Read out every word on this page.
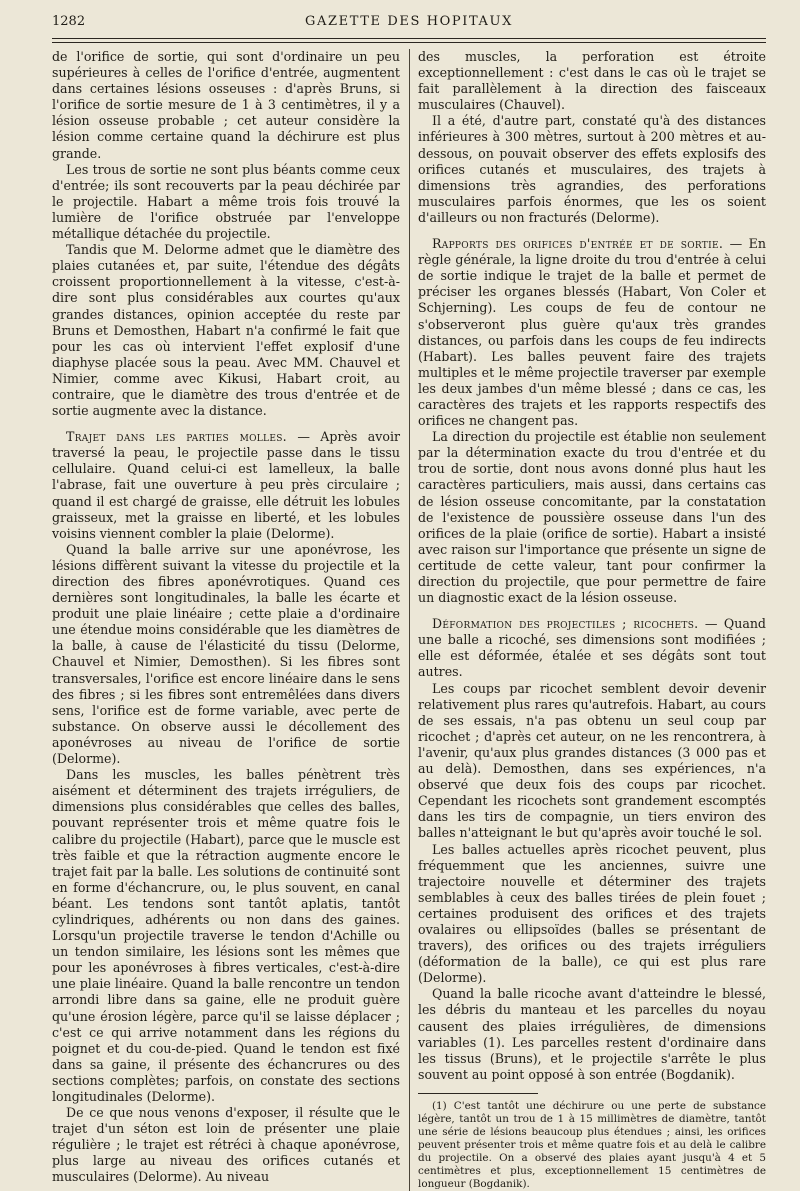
1282	GAZETTE DES HOPITAUX

de l'orifice de sortie, qui sont d'ordinaire un peu supérieures à celles de l'orifice d'entrée, augmentent dans certaines lésions osseuses : d'après Bruns, si l'orifice de sortie mesure de 1 à 3 centimètres, il y a lésion osseuse probable ; cet auteur considère la lésion comme certaine quand la déchirure est plus grande.

Les trous de sortie ne sont plus béants comme ceux d'entrée; ils sont recouverts par la peau déchirée par le projectile. Habart a même trois fois trouvé la lumière de l'orifice obstruée par l'enveloppe métallique détachée du projectile.

Tandis que M. Delorme admet que le diamètre des plaies cutanées et, par suite, l'étendue des dégâts croissent proportionnellement à la vitesse, c'est-à-dire sont plus considérables aux courtes qu'aux grandes distances, opinion acceptée du reste par Bruns et Demosthen, Habart n'a confirmé le fait que pour les cas où intervient l'effet explosif d'une diaphyse placée sous la peau. Avec MM. Chauvel et Nimier, comme avec Kikusi, Habart croit, au contraire, que le diamètre des trous d'entrée et de sortie augmente avec la distance.

Trajet dans les parties molles. — Après avoir traversé la peau, le projectile passe dans le tissu cellulaire. Quand celui-ci est lamelleux, la balle l'abrase, fait une ouverture à peu près circulaire ; quand il est chargé de graisse, elle détruit les lobules graisseux, met la graisse en liberté, et les lobules voisins viennent combler la plaie (Delorme).

Quand la balle arrive sur une aponévrose, les lésions diffèrent suivant la vitesse du projectile et la direction des fibres aponévrotiques. Quand ces dernières sont longitudinales, la balle les écarte et produit une plaie linéaire ; cette plaie a d'ordinaire une étendue moins considérable que les diamètres de la balle, à cause de l'élasticité du tissu (Delorme, Chauvel et Nimier, Demosthen). Si les fibres sont transversales, l'orifice est encore linéaire dans le sens des fibres ; si les fibres sont entremêlées dans divers sens, l'orifice est de forme variable, avec perte de substance. On observe aussi le décollement des aponévroses au niveau de l'orifice de sortie (Delorme).

Dans les muscles, les balles pénètrent très aisément et déterminent des trajets irréguliers, de dimensions plus considérables que celles des balles, pouvant représenter trois et même quatre fois le calibre du projectile (Habart), parce que le muscle est très faible et que la rétraction augmente encore le trajet fait par la balle. Les solutions de continuité sont en forme d'échancrure, ou, le plus souvent, en canal béant. Les tendons sont tantôt aplatis, tantôt cylindriques, adhérents ou non dans des gaines. Lorsqu'un projectile traverse le tendon d'Achille ou un tendon similaire, les lésions sont les mêmes que pour les aponévroses à fibres verticales, c'est-à-dire une plaie linéaire. Quand la balle rencontre un tendon arrondi libre dans sa gaine, elle ne produit guère qu'une érosion légère, parce qu'il se laisse déplacer ; c'est ce qui arrive notamment dans les régions du poignet et du cou-de-pied. Quand le tendon est fixé dans sa gaine, il présente des échancrures ou des sections complètes; parfois, on constate des sections longitudinales (Delorme).

De ce que nous venons d'exposer, il résulte que le trajet d'un séton est loin de présenter une plaie régulière ; le trajet est rétréci à chaque aponévrose, plus large au niveau des orifices cutanés et musculaires (Delorme). Au niveau

des muscles, la perforation est étroite exceptionnellement : c'est dans le cas où le trajet se fait parallèlement à la direction des faisceaux musculaires (Chauvel).

Il a été, d'autre part, constaté qu'à des distances inférieures à 300 mètres, surtout à 200 mètres et au-dessous, on pouvait observer des effets explosifs des orifices cutanés et musculaires, des trajets à dimensions très agrandies, des perforations musculaires parfois énormes, que les os soient d'ailleurs ou non fracturés (Delorme).

Rapports des orifices d'entrée et de sortie. — En règle générale, la ligne droite du trou d'entrée à celui de sortie indique le trajet de la balle et permet de préciser les organes blessés (Habart, Von Coler et Schjerning). Les coups de feu de contour ne s'observeront plus guère qu'aux très grandes distances, ou parfois dans les coups de feu indirects (Habart). Les balles peuvent faire des trajets multiples et le même projectile traverser par exemple les deux jambes d'un même blessé ; dans ce cas, les caractères des trajets et les rapports respectifs des orifices ne changent pas.

La direction du projectile est établie non seulement par la détermination exacte du trou d'entrée et du trou de sortie, dont nous avons donné plus haut les caractères particuliers, mais aussi, dans certains cas de lésion osseuse concomitante, par la constatation de l'existence de poussière osseuse dans l'un des orifices de la plaie (orifice de sortie). Habart a insisté avec raison sur l'importance que présente un signe de certitude de cette valeur, tant pour confirmer la direction du projectile, que pour permettre de faire un diagnostic exact de la lésion osseuse.

Déformation des projectiles ; ricochets. — Quand une balle a ricoché, ses dimensions sont modifiées ; elle est déformée, étalée et ses dégâts sont tout autres.

Les coups par ricochet semblent devoir devenir relativement plus rares qu'autrefois. Habart, au cours de ses essais, n'a pas obtenu un seul coup par ricochet ; d'après cet auteur, on ne les rencontrera, à l'avenir, qu'aux plus grandes distances (3 000 pas et au delà). Demosthen, dans ses expériences, n'a observé que deux fois des coups par ricochet. Cependant les ricochets sont grandement escomptés dans les tirs de compagnie, un tiers environ des balles n'atteignant le but qu'après avoir touché le sol.

Les balles actuelles après ricochet peuvent, plus fréquemment que les anciennes, suivre une trajectoire nouvelle et déterminer des trajets semblables à ceux des balles tirées de plein fouet ; certaines produisent des orifices et des trajets ovalaires ou ellipsoïdes (balles se présentant de travers), des orifices ou des trajets irréguliers (déformation de la balle), ce qui est plus rare (Delorme).

Quand la balle ricoche avant d'atteindre le blessé, les débris du manteau et les parcelles du noyau causent des plaies irrégulières, de dimensions variables (1). Les parcelles restent d'ordinaire dans les tissus (Bruns), et le projectile s'arrête le plus souvent au point opposé à son entrée (Bogdanik).

(1) C'est tantôt une déchirure ou une perte de substance légère, tantôt un trou de 1 à 15 millimètres de diamètre, tantôt une série de lésions beaucoup plus étendues ; ainsi, les orifices peuvent présenter trois et même quatre fois et au delà le calibre du projectile. On a observé des plaies ayant jusqu'à 4 et 5 centimètres et plus, exceptionnellement 15 centimètres de longueur (Bogdanik).
